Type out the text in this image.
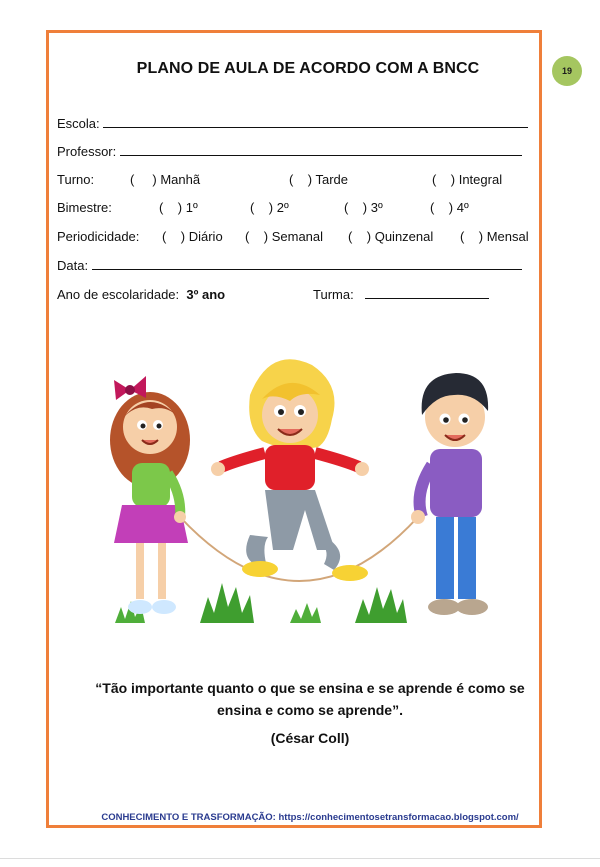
19
PLANO DE AULA DE ACORDO COM A BNCC
Escola:
Professor:
Turno:	(     ) Manhã	(    ) Tarde	(    ) Integral
Bimestre:	(    ) 1º	(    ) 2º	(    ) 3º	(    ) 4º
Periodicidade: (    ) Diário (    ) Semanal (    ) Quinzenal (    ) Mensal
Data:
Ano de escolaridade: 3º ano	Turma:
“Tão importante quanto o que se ensina e se aprende é como se
ensina e como se aprende”.
(César Coll)
CONHECIMENTO E TRASFORMAÇÃO: https://conhecimentosetransformacao.blogspot.com/
